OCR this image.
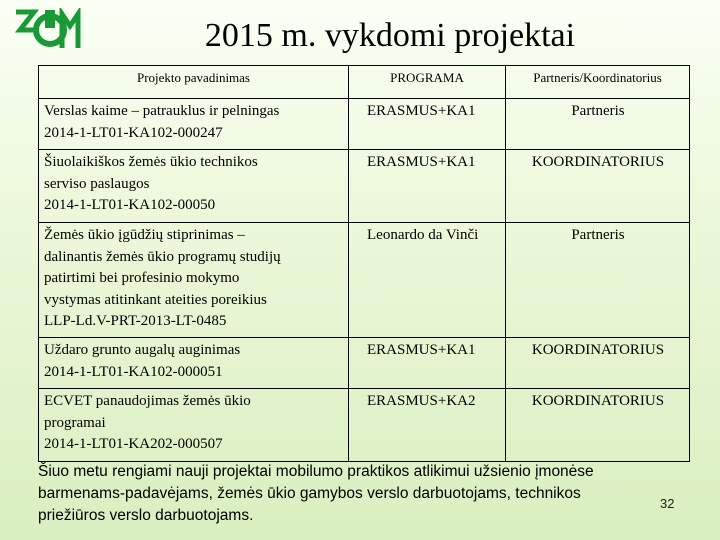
2015 m. vykdomi projektai
Projekto pavadinimas	PROGRAMA	Partneris/Koordinatorius

Verslas kaime – patrauklus ir pelningas
2014-1-LT01-KA102-000247	ERASMUS+KA1	Partneris

Šiuolaikiškos žemės ūkio technikos
serviso paslaugos
2014-1-LT01-KA102-00050	ERASMUS+KA1	KOORDINATORIUS

Žemės ūkio įgūdžių stiprinimas –
dalinantis žemės ūkio programų studijų
patirtimi bei profesinio mokymo
vystymas atitinkant ateities poreikius
LLP-Ld.V-PRT-2013-LT-0485	Leonardo da Vinči	Partneris

Uždaro grunto augalų auginimas
2014-1-LT01-KA102-000051	ERASMUS+KA1	KOORDINATORIUS

ECVET panaudojimas žemės ūkio
programai
2014-1-LT01-KA202-000507	ERASMUS+KA2	KOORDINATORIUS
Šiuo metu rengiami nauji projektai mobilumo praktikos atlikimui užsienio įmonėse
barmenams-padavėjams, žemės ūkio gamybos verslo darbuotojams, technikos
priežiūros verslo darbuotojams.
32
